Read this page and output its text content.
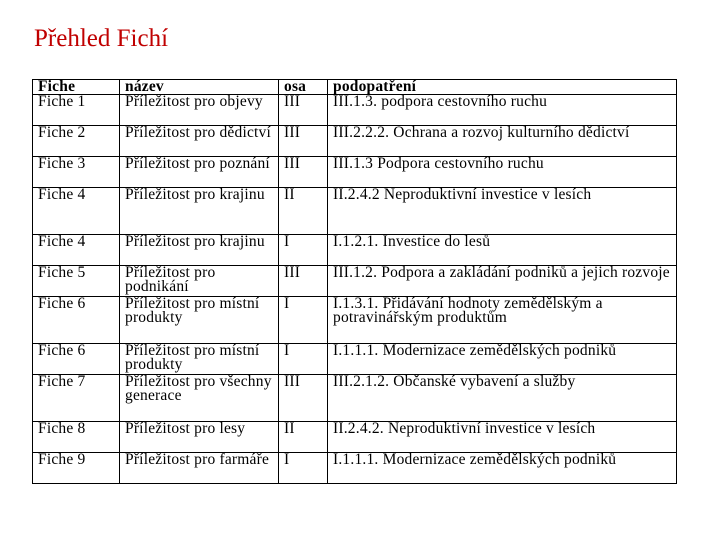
Přehled Fichí
Fiche	název	osa	podopatření
Fiche 1	Příležitost pro objevy	III	III.1.3. podpora cestovního ruchu
Fiche 2	Příležitost pro dědictví	III	III.2.2.2. Ochrana a rozvoj kulturního dědictví
Fiche 3	Příležitost pro poznání	III	III.1.3 Podpora cestovního ruchu
Fiche 4	Příležitost pro krajinu	II	II.2.4.2 Neproduktivní investice v lesích
Fiche 4	Příležitost pro krajinu	I	I.1.2.1. Investice do lesů
Fiche 5	Příležitost pro podnikání	III	III.1.2. Podpora a zakládání podniků a jejich rozvoje
Fiche 6	Příležitost pro místní produkty	I	I.1.3.1. Přidávání hodnoty zemědělským a potravinářským produktům
Fiche 6	Příležitost pro místní produkty	I	I.1.1.1. Modernizace zemědělských podniků
Fiche 7	Příležitost pro všechny generace	III	III.2.1.2. Občanské vybavení a služby
Fiche 8	Příležitost pro lesy	II	II.2.4.2. Neproduktivní investice v lesích
Fiche 9	Příležitost pro farmáře	I	I.1.1.1. Modernizace zemědělských podniků
